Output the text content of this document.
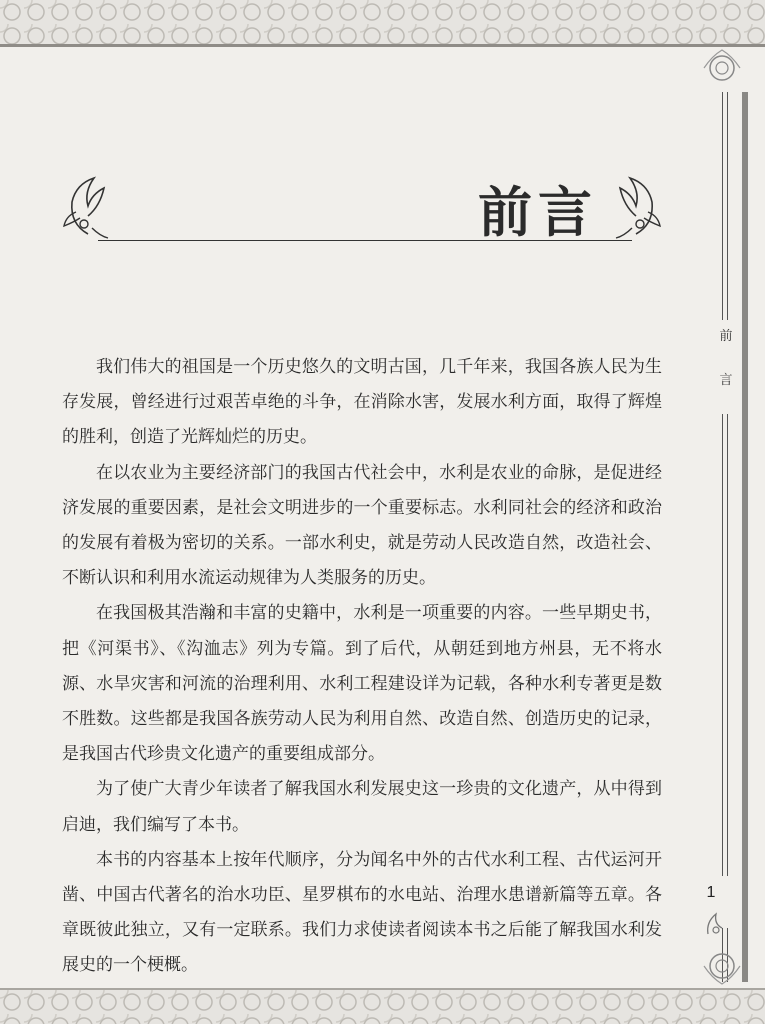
前
言
1
前言

我们伟大的祖国是一个历史悠久的文明古国，几千年来，我国各族人民为生存发展，曾经进行过艰苦卓绝的斗争，在消除水害，发展水利方面，取得了辉煌的胜利，创造了光辉灿烂的历史。

在以农业为主要经济部门的我国古代社会中，水利是农业的命脉，是促进经济发展的重要因素，是社会文明进步的一个重要标志。水利同社会的经济和政治的发展有着极为密切的关系。一部水利史，就是劳动人民改造自然，改造社会、不断认识和利用水流运动规律为人类服务的历史。

在我国极其浩瀚和丰富的史籍中，水利是一项重要的内容。一些早期史书，把《河渠书》、《沟洫志》列为专篇。到了后代，从朝廷到地方州县，无不将水源、水旱灾害和河流的治理利用、水利工程建设详为记载，各种水利专著更是数不胜数。这些都是我国各族劳动人民为利用自然、改造自然、创造历史的记录，是我国古代珍贵文化遗产的重要组成部分。

为了使广大青少年读者了解我国水利发展史这一珍贵的文化遗产，从中得到启迪，我们编写了本书。

本书的内容基本上按年代顺序，分为闻名中外的古代水利工程、古代运河开凿、中国古代著名的治水功臣、星罗棋布的水电站、治理水患谱新篇等五章。各章既彼此独立，又有一定联系。我们力求使读者阅读本书之后能了解我国水利发展史的一个梗概。
